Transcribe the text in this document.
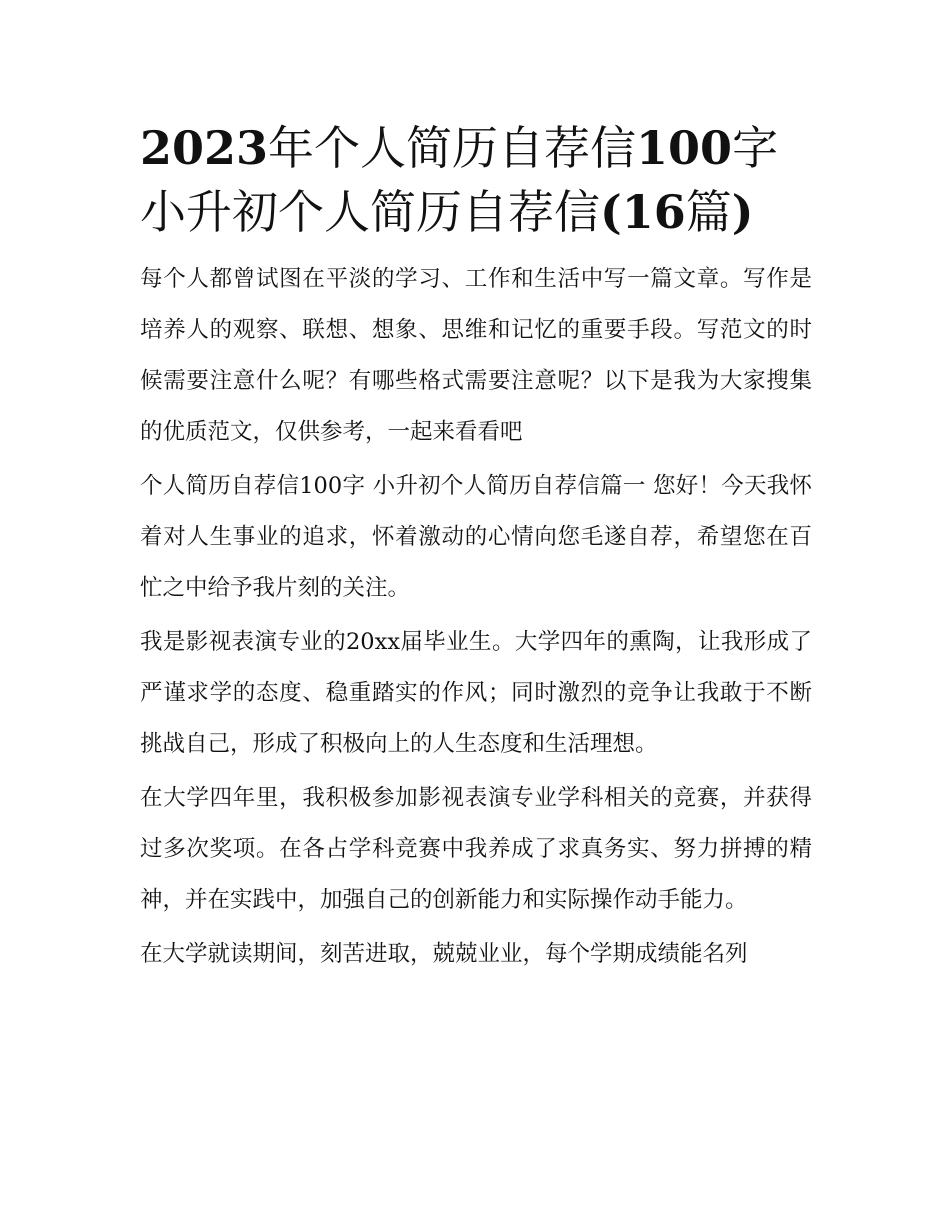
2023年个人简历自荐信100字
小升初个人简历自荐信(16篇)

每个人都曾试图在平淡的学习、工作和生活中写一篇文章。写作是培养人的观察、联想、想象、思维和记忆的重要手段。写范文的时候需要注意什么呢？有哪些格式需要注意呢？以下是我为大家搜集的优质范文，仅供参考，一起来看看吧

个人简历自荐信100字 小升初个人简历自荐信篇一 您好！今天我怀着对人生事业的追求，怀着激动的心情向您毛遂自荐，希望您在百忙之中给予我片刻的关注。

我是影视表演专业的20xx届毕业生。大学四年的熏陶，让我形成了严谨求学的态度、稳重踏实的作风；同时激烈的竞争让我敢于不断挑战自己，形成了积极向上的人生态度和生活理想。

在大学四年里，我积极参加影视表演专业学科相关的竞赛，并获得过多次奖项。在各占学科竞赛中我养成了求真务实、努力拼搏的精神，并在实践中，加强自己的创新能力和实际操作动手能力。

在大学就读期间，刻苦进取，兢兢业业，每个学期成绩能名列
